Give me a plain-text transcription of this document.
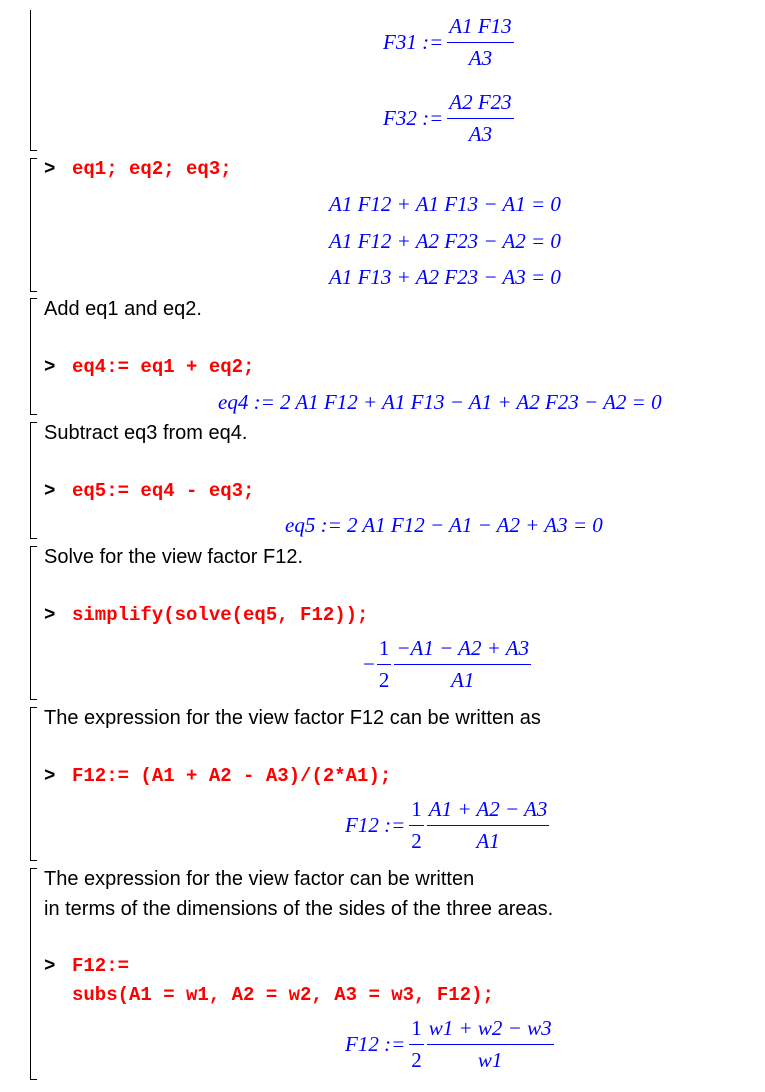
F31 := $\frac{A1 F13}{A3}$
F32 := $\frac{A2 F23}{A3}$
> eq1; eq2; eq3;
A1 F12 + A1 F13 − A1 = 0
A1 F12 + A2 F23 − A2 = 0
A1 F13 + A2 F23 − A3 = 0
Add eq1 and eq2.
> eq4:= eq1 + eq2;
eq4 := 2 A1 F12 + A1 F13 − A1 + A2 F23 − A2 = 0
Subtract eq3 from eq4.
> eq5:= eq4 - eq3;
eq5 := 2 A1 F12 − A1 − A2 + A3 = 0
Solve for the view factor F12.
> simplify(solve(eq5, F12));
− $\frac{1}{2} \frac{-A1 - A2 + A3}{A1}$
The expression for the view factor F12 can be written as
> F12:= (A1 + A2 - A3)/(2*A1);
F12 := $\frac{1}{2} \frac{A1 + A2 - A3}{A1}$
The expression for the view factor can be written
in terms of the dimensions of the sides of the three areas.
> F12:=
subs(A1 = w1, A2 = w2, A3 = w3, F12);
F12 := $\frac{1}{2} \frac{w1 + w2 - w3}{w1}$
